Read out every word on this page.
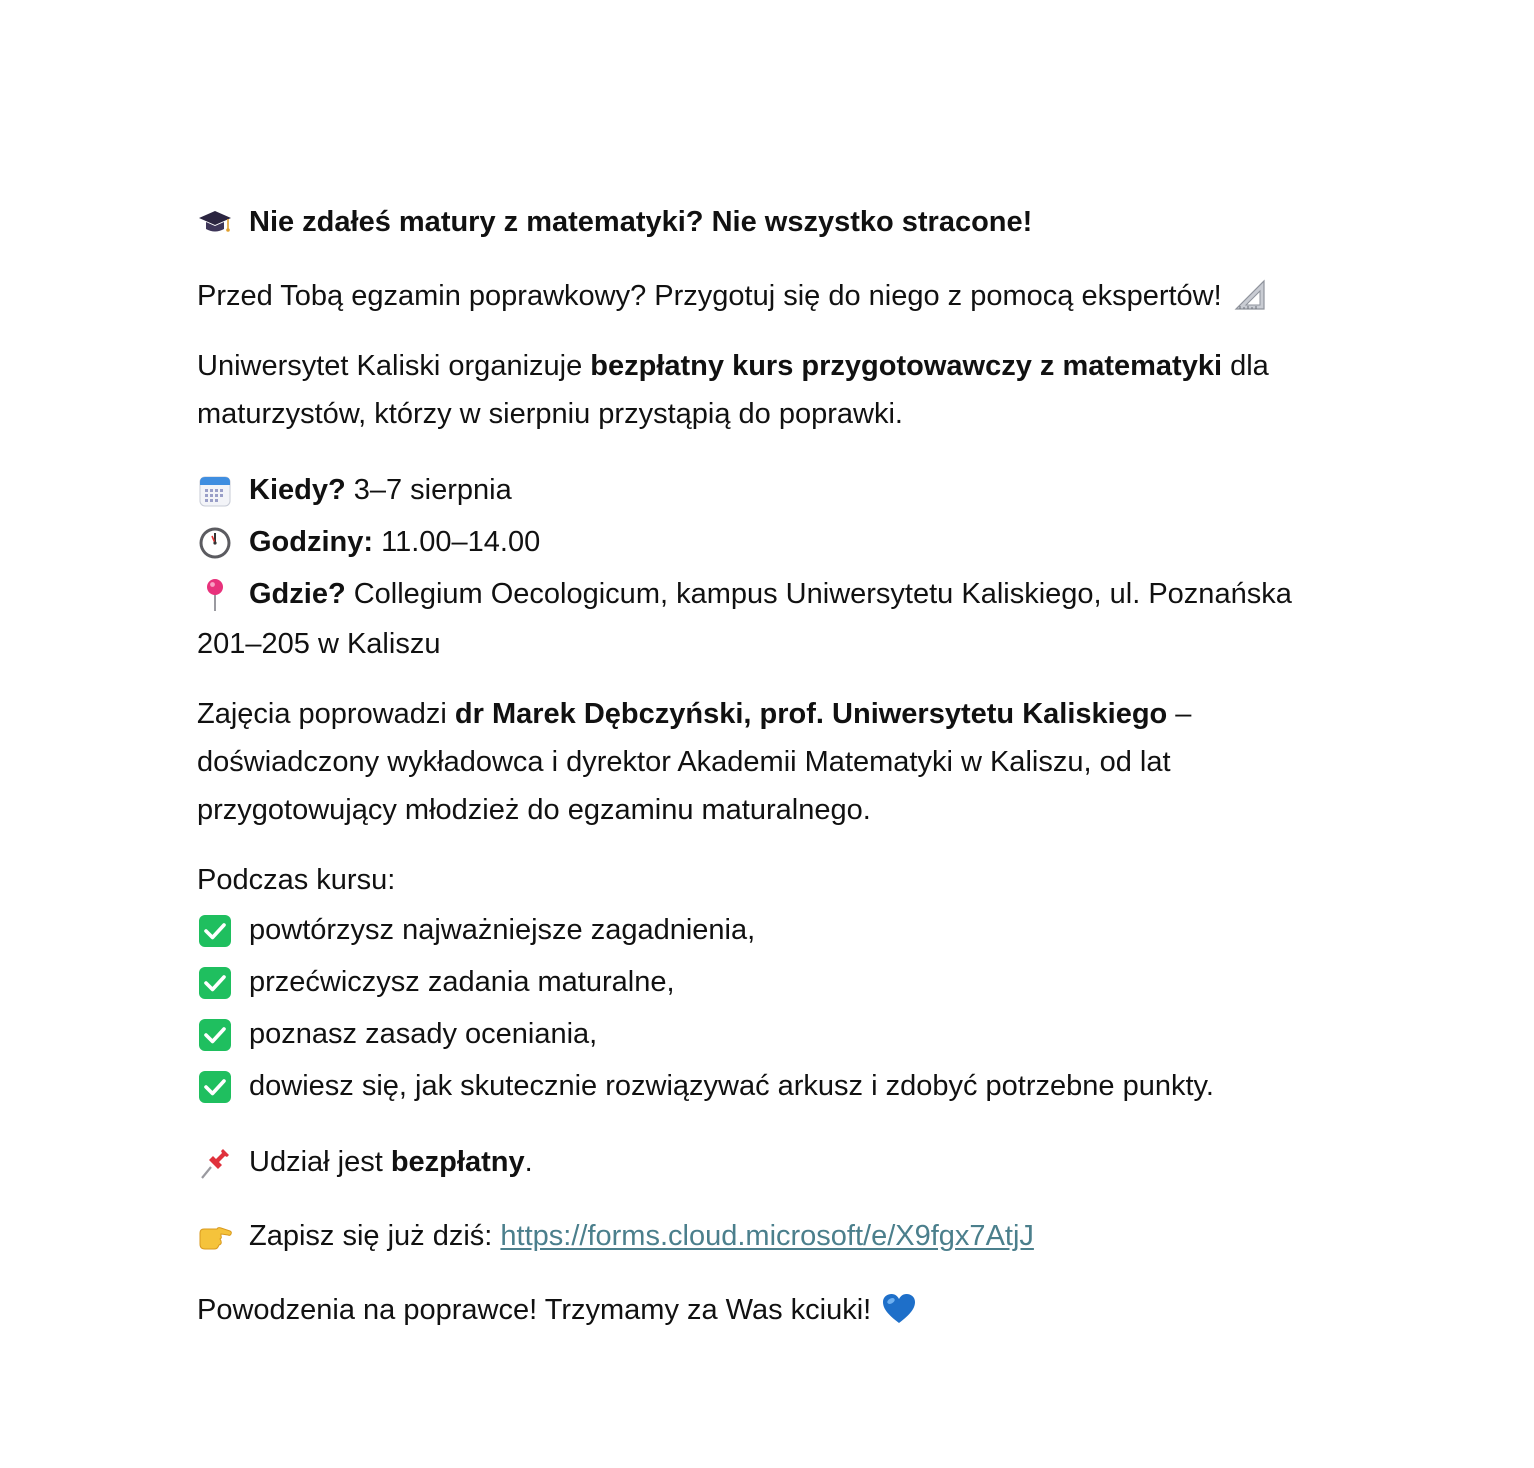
Nie zdałeś matury z matematyki? Nie wszystko stracone!

Przed Tobą egzamin poprawkowy? Przygotuj się do niego z pomocą ekspertów!

Uniwersytet Kaliski organizuje bezpłatny kurs przygotowawczy z matematyki dla
maturzystów, którzy w sierpniu przystąpią do poprawki.

Kiedy? 3–7 sierpnia
Godziny: 11.00–14.00
Gdzie? Collegium Oecologicum, kampus Uniwersytetu Kaliskiego, ul. Poznańska
201–205 w Kaliszu

Zajęcia poprowadzi dr Marek Dębczyński, prof. Uniwersytetu Kaliskiego –
doświadczony wykładowca i dyrektor Akademii Matematyki w Kaliszu, od lat
przygotowujący młodzież do egzaminu maturalnego.

Podczas kursu:
powtórzysz najważniejsze zagadnienia,
przećwiczysz zadania maturalne,
poznasz zasady oceniania,
dowiesz się, jak skutecznie rozwiązywać arkusz i zdobyć potrzebne punkty.

Udział jest bezpłatny.

Zapisz się już dziś: https://forms.cloud.microsoft/e/X9fgx7AtjJ

Powodzenia na poprawce! Trzymamy za Was kciuki!
